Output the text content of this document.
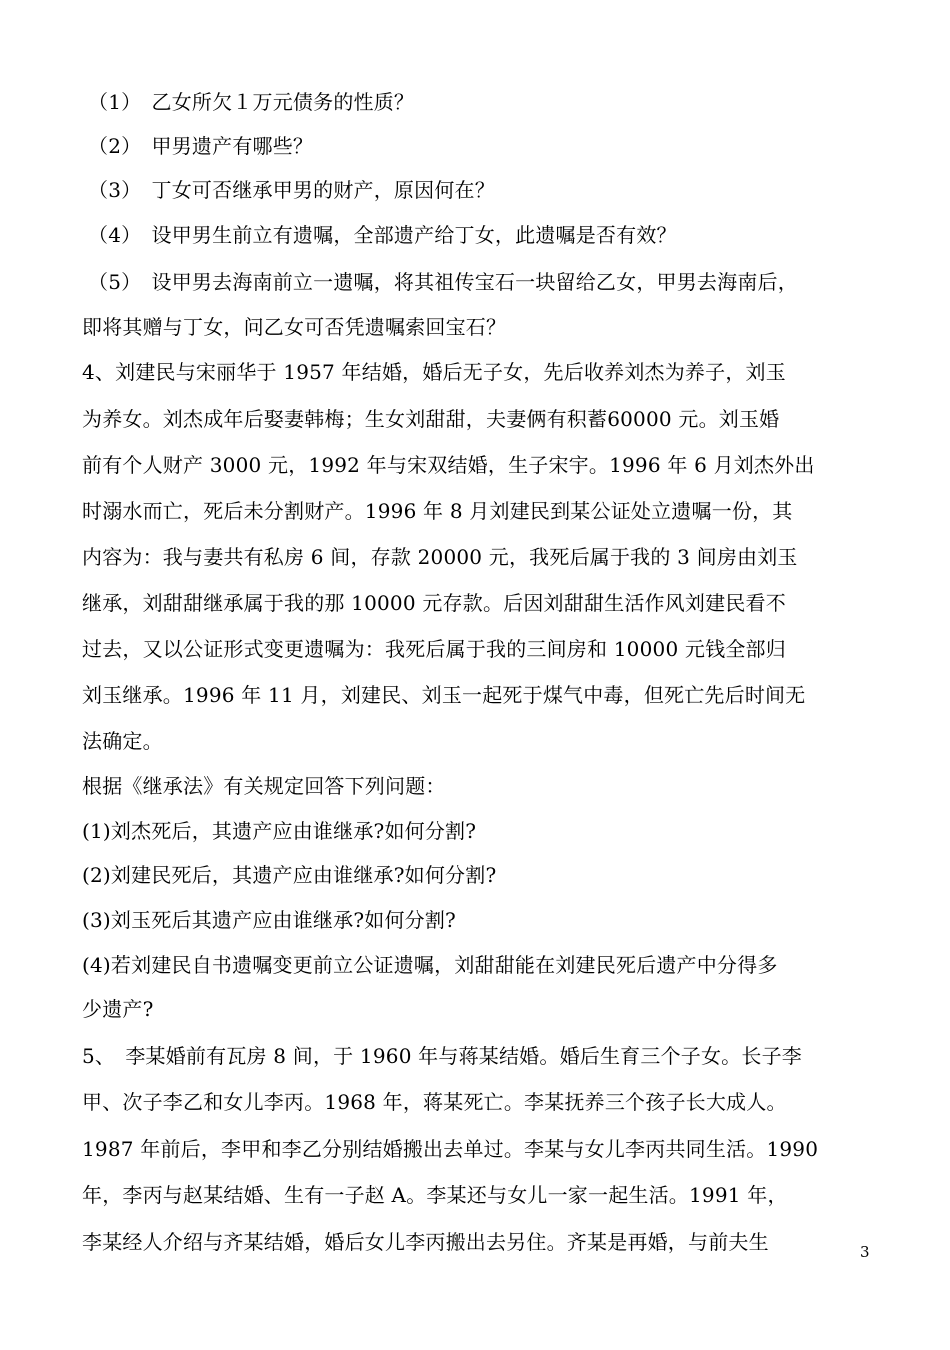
（1）　乙女所欠１万元债务的性质？
（2）　甲男遗产有哪些？
（3）　丁女可否继承甲男的财产，原因何在？
（4）　设甲男生前立有遗嘱，全部遗产给丁女，此遗嘱是否有效？
（5）　设甲男去海南前立一遗嘱，将其祖传宝石一块留给乙女，甲男去海南后，
即将其赠与丁女，问乙女可否凭遗嘱索回宝石？
4、刘建民与宋丽华于 1957 年结婚，婚后无子女，先后收养刘杰为养子，刘玉
为养女。刘杰成年后娶妻韩梅；生女刘甜甜，夫妻俩有积蓄60000 元。刘玉婚
前有个人财产 3000 元，1992 年与宋双结婚，生子宋宇。1996 年 6 月刘杰外出
时溺水而亡，死后未分割财产。1996 年 8 月刘建民到某公证处立遗嘱一份，其
内容为：我与妻共有私房 6 间，存款 20000 元，我死后属于我的 3 间房由刘玉
继承，刘甜甜继承属于我的那 10000 元存款。后因刘甜甜生活作风刘建民看不
过去，又以公证形式变更遗嘱为：我死后属于我的三间房和 10000 元钱全部归
刘玉继承。1996 年 11 月，刘建民、刘玉一起死于煤气中毒，但死亡先后时间无
法确定。
根据《继承法》有关规定回答下列问题：
(1)刘杰死后，其遗产应由谁继承?如何分割?
(2)刘建民死后，其遗产应由谁继承?如何分割?
(3)刘玉死后其遗产应由谁继承?如何分割?
(4)若刘建民自书遗嘱变更前立公证遗嘱，刘甜甜能在刘建民死后遗产中分得多
少遗产?
5、　李某婚前有瓦房 8 间，于 1960 年与蒋某结婚。婚后生育三个子女。长子李
甲、次子李乙和女儿李丙。1968 年，蒋某死亡。李某抚养三个孩子长大成人。
1987 年前后，李甲和李乙分别结婚搬出去单过。李某与女儿李丙共同生活。1990
年，李丙与赵某结婚、生有一子赵 A。李某还与女儿一家一起生活。1991 年，
李某经人介绍与齐某结婚，婚后女儿李丙搬出去另住。齐某是再婚，与前夫生	3
